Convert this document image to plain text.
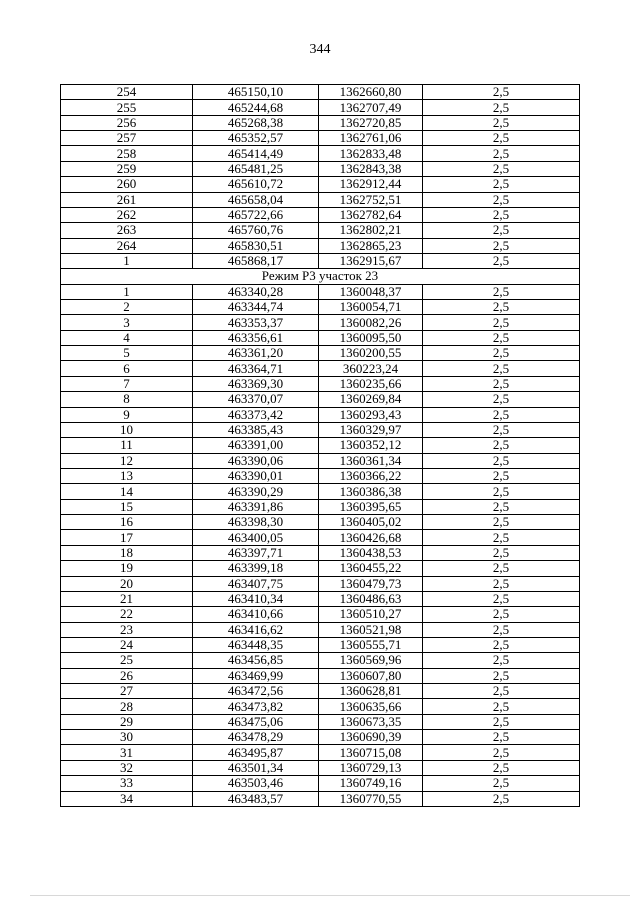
344
254	465150,10	1362660,80	2,5
255	465244,68	1362707,49	2,5
256	465268,38	1362720,85	2,5
257	465352,57	1362761,06	2,5
258	465414,49	1362833,48	2,5
259	465481,25	1362843,38	2,5
260	465610,72	1362912,44	2,5
261	465658,04	1362752,51	2,5
262	465722,66	1362782,64	2,5
263	465760,76	1362802,21	2,5
264	465830,51	1362865,23	2,5
1	465868,17	1362915,67	2,5
Режим Р3 участок 23			
1	463340,28	1360048,37	2,5
2	463344,74	1360054,71	2,5
3	463353,37	1360082,26	2,5
4	463356,61	1360095,50	2,5
5	463361,20	1360200,55	2,5
6	463364,71	360223,24	2,5
7	463369,30	1360235,66	2,5
8	463370,07	1360269,84	2,5
9	463373,42	1360293,43	2,5
10	463385,43	1360329,97	2,5
11	463391,00	1360352,12	2,5
12	463390,06	1360361,34	2,5
13	463390,01	1360366,22	2,5
14	463390,29	1360386,38	2,5
15	463391,86	1360395,65	2,5
16	463398,30	1360405,02	2,5
17	463400,05	1360426,68	2,5
18	463397,71	1360438,53	2,5
19	463399,18	1360455,22	2,5
20	463407,75	1360479,73	2,5
21	463410,34	1360486,63	2,5
22	463410,66	1360510,27	2,5
23	463416,62	1360521,98	2,5
24	463448,35	1360555,71	2,5
25	463456,85	1360569,96	2,5
26	463469,99	1360607,80	2,5
27	463472,56	1360628,81	2,5
28	463473,82	1360635,66	2,5
29	463475,06	1360673,35	2,5
30	463478,29	1360690,39	2,5
31	463495,87	1360715,08	2,5
32	463501,34	1360729,13	2,5
33	463503,46	1360749,16	2,5
34	463483,57	1360770,55	2,5
